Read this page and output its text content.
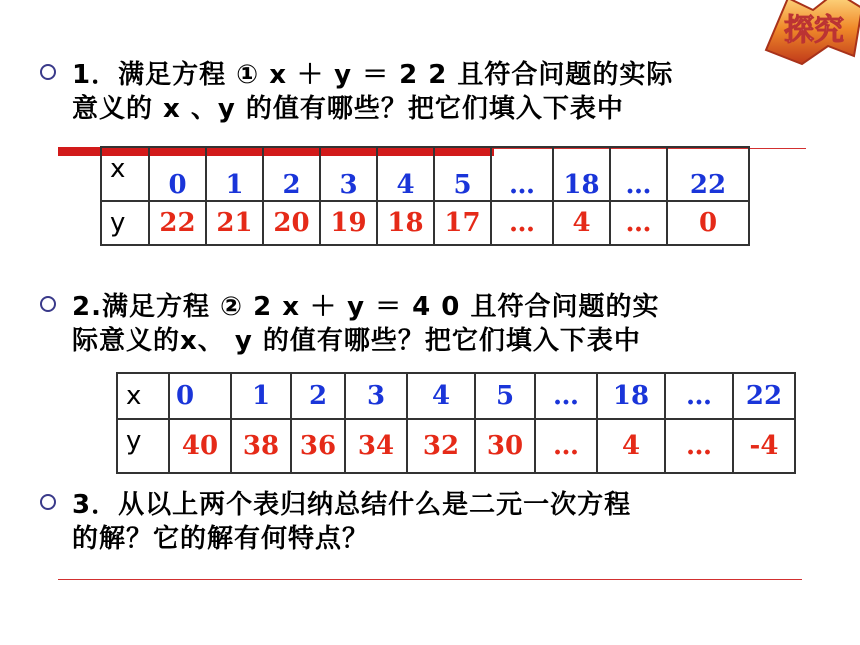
探究
1．满足方程 ① x ＋ y ＝ 2 2 且符合问题的实际
意义的 x 、y 的值有哪些？把它们填入下表中
x	0	1	2	3	4	5	…	18	…	22
y	22	21	20	19	18	17	…	4	…	0
2.满足方程 ② 2 x ＋ y ＝ 4 0 且符合问题的实
际意义的x、 y 的值有哪些？把它们填入下表中
x	0	1	2	3	4	5	…	18	…	22
y	40	38	36	34	32	30	…	4	…	-4
3．从以上两个表归纳总结什么是二元一次方程
的解？它的解有何特点？
